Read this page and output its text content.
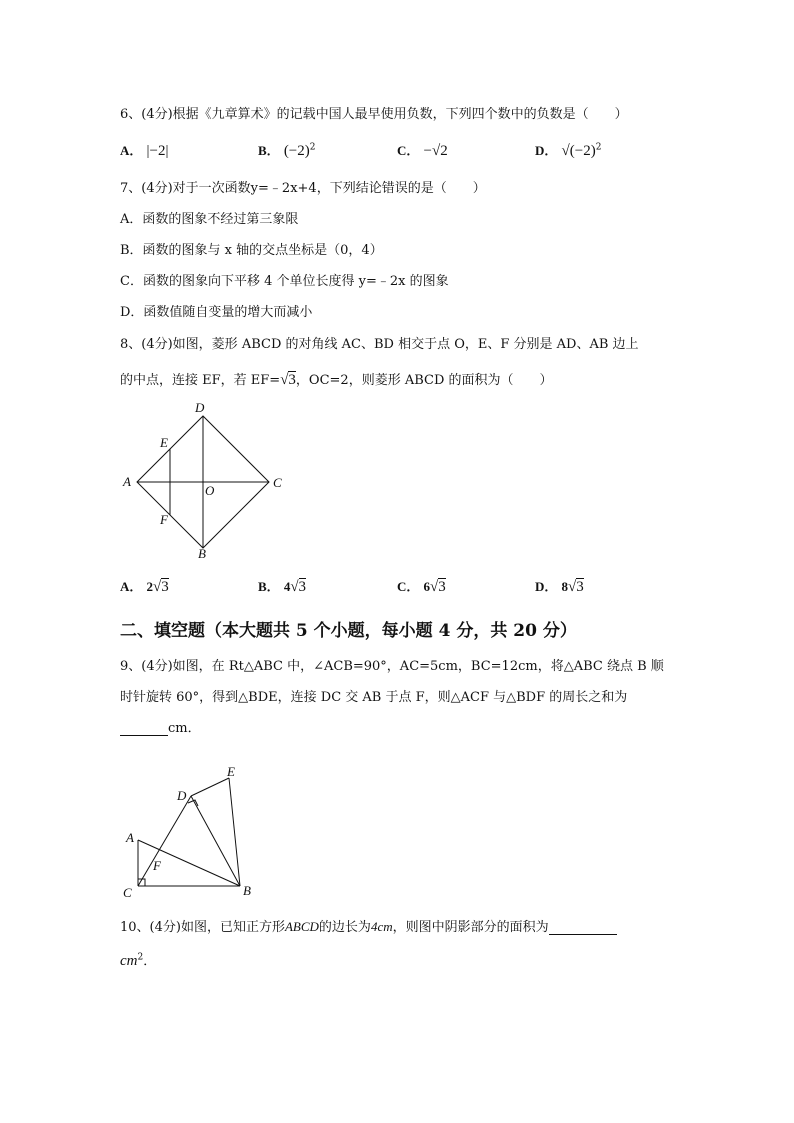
6、(4分)根据《九章算术》的记载中国人最早使用负数，下列四个数中的负数是（　　）
A． |−2|	B． $(-2)^2$	C． −√2	D． $√(-2)^2$
7、(4分)对于一次函数y=﹣2x+4，下列结论错误的是（　　）
A．函数的图象不经过第三象限
B．函数的图象与 x 轴的交点坐标是（0，4）
C．函数的图象向下平移 4 个单位长度得 y=﹣2x 的图象
D．函数值随自变量的增大而减小
8、(4分)如图，菱形 ABCD 的对角线 AC、BD 相交于点 O，E、F 分别是 AD、AB 边上
的中点，连接 EF，若 EF=√3，OC=2，则菱形 ABCD 的面积为（　　）
D
A	C
B
E
F
O
A． 2√3	B． 4√3	C． 6√3	D． 8√3
二、填空题（本大题共 5 个小题，每小题 4 分，共 20 分）
9、(4分)如图，在 Rt△ABC 中，∠ACB=90°，AC=5cm，BC=12cm，将△ABC 绕点 B 顺
时针旋转 60°，得到△BDE，连接 DC 交 AB 于点 F，则△ACF 与△BDF 的周长之和为
cm．
A
C	B
D
E
F
10、(4分)如图，已知正方形ABCD的边长为4cm，则图中阴影部分的面积为
$cm^2$．
